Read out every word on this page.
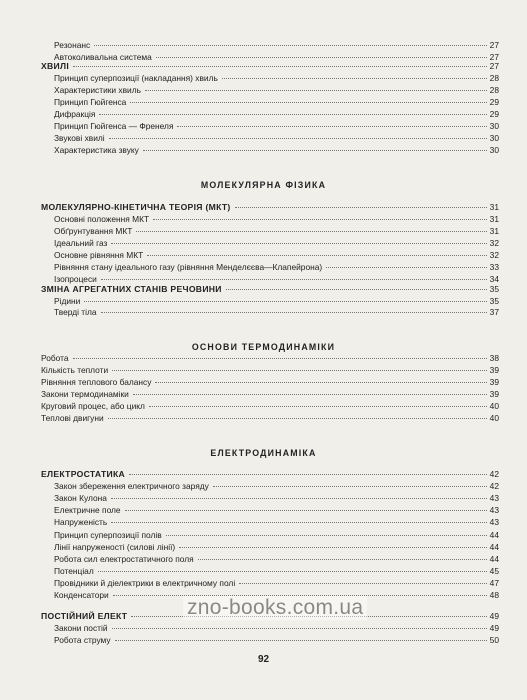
Резонанс	27
Автоколивальна система	27
ХВИЛІ	27
Принцип суперпозиції (накладання) хвиль	28
Характеристики хвиль	28
Принцип Гюйгенса	29
Дифракція	29
Принцип Гюйгенса — Френеля	30
Звукові хвилі	30
Характеристика звуку	30
МОЛЕКУЛЯРНА ФІЗИКА
МОЛЕКУЛЯРНО-КІНЕТИЧНА ТЕОРІЯ (МКТ)	31
Основні положення МКТ	31
Обґрунтування МКТ	31
Ідеальний газ	32
Основне рівняння МКТ	32
Рівняння стану ідеального газу (рівняння Менделєєва—Клапейрона)	33
Ізопроцеси	34
ЗМІНА АГРЕГАТНИХ СТАНІВ РЕЧОВИНИ	35
Рідини	35
Тверді тіла	37
ОСНОВИ ТЕРМОДИНАМІКИ
Робота	38
Кількість теплоти	39
Рівняння теплового балансу	39
Закони термодинаміки	39
Круговий процес, або цикл	40
Теплові двигуни	40
ЕЛЕКТРОДИНАМІКА
ЕЛЕКТРОСТАТИКА	42
Закон збереження електричного заряду	42
Закон Кулона	43
Електричне поле	43
Напруженість	43
Принцип суперпозиції полів	44
Лінії напруженості (силові лінії)	44
Робота сил електростатичного поля	44
Потенціал	45
Провідники й діелектрики в електричному полі	47
Конденсатори	48
ПОСТІЙНИЙ ЕЛЕКТ	49
Закони постій	49
Робота струму	50
zno-books.com.ua
92
